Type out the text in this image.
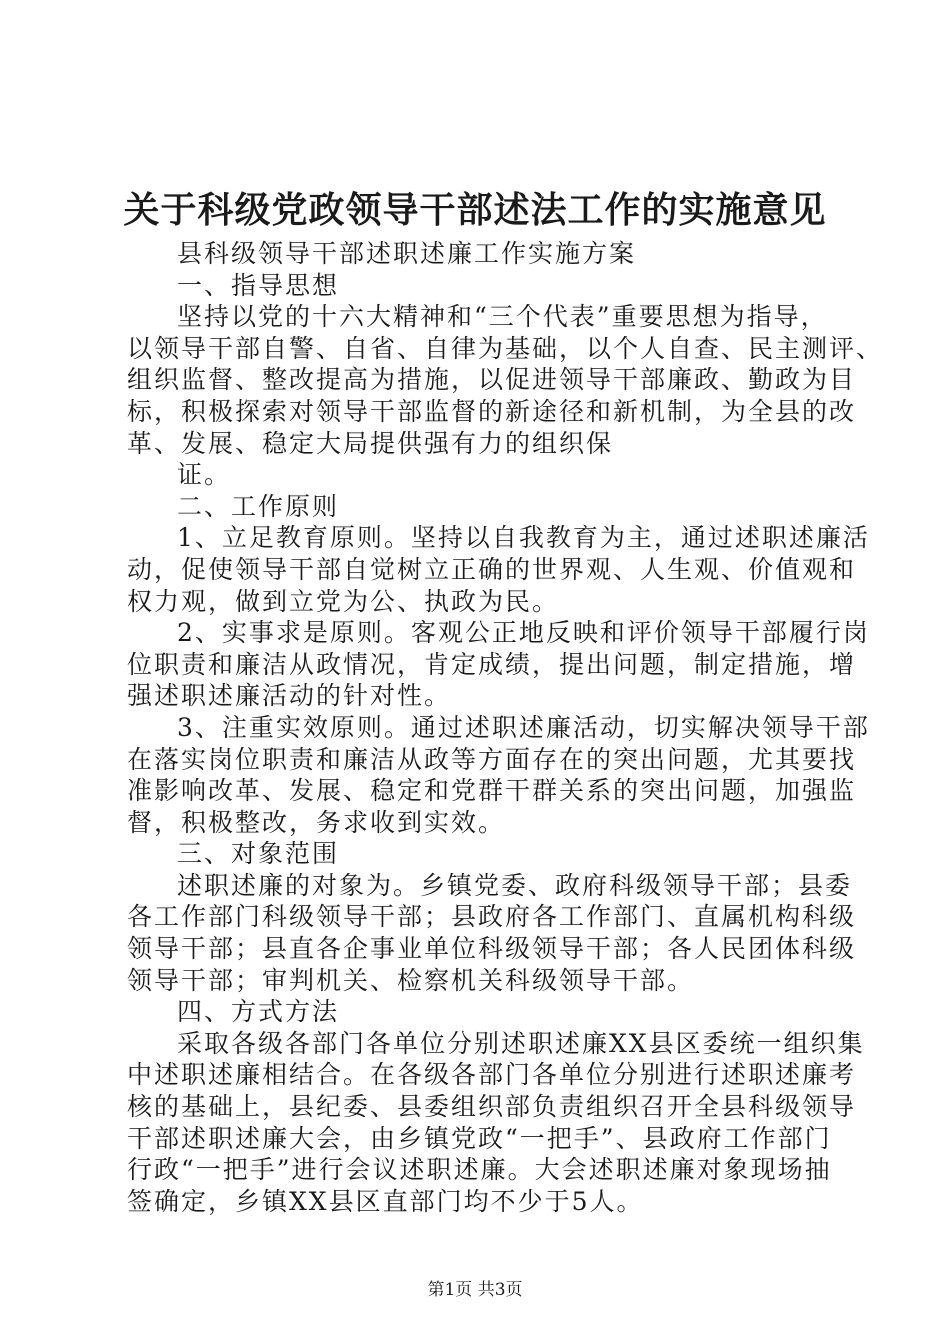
关于科级党政领导干部述法工作的实施意见
县科级领导干部述职述廉工作实施方案
一、指导思想
坚持以党的十六大精神和“三个代表”重要思想为指导，
以领导干部自警、自省、自律为基础，以个人自查、民主测评、
组织监督、整改提高为措施，以促进领导干部廉政、勤政为目
标，积极探索对领导干部监督的新途径和新机制，为全县的改
革、发展、稳定大局提供强有力的组织保
证。
二、工作原则
1、立足教育原则。坚持以自我教育为主，通过述职述廉活
动，促使领导干部自觉树立正确的世界观、人生观、价值观和
权力观，做到立党为公、执政为民。
2、实事求是原则。客观公正地反映和评价领导干部履行岗
位职责和廉洁从政情况，肯定成绩，提出问题，制定措施，增
强述职述廉活动的针对性。
3、注重实效原则。通过述职述廉活动，切实解决领导干部
在落实岗位职责和廉洁从政等方面存在的突出问题，尤其要找
准影响改革、发展、稳定和党群干群关系的突出问题，加强监
督，积极整改，务求收到实效。
三、对象范围
述职述廉的对象为。乡镇党委、政府科级领导干部；县委
各工作部门科级领导干部；县政府各工作部门、直属机构科级
领导干部；县直各企事业单位科级领导干部；各人民团体科级
领导干部；审判机关、检察机关科级领导干部。
四、方式方法
采取各级各部门各单位分别述职述廉XX县区委统一组织集
中述职述廉相结合。在各级各部门各单位分别进行述职述廉考
核的基础上，县纪委、县委组织部负责组织召开全县科级领导
干部述职述廉大会，由乡镇党政“一把手”、县政府工作部门
行政“一把手”进行会议述职述廉。大会述职述廉对象现场抽
签确定，乡镇XX县区直部门均不少于5人。
第1页 共3页
